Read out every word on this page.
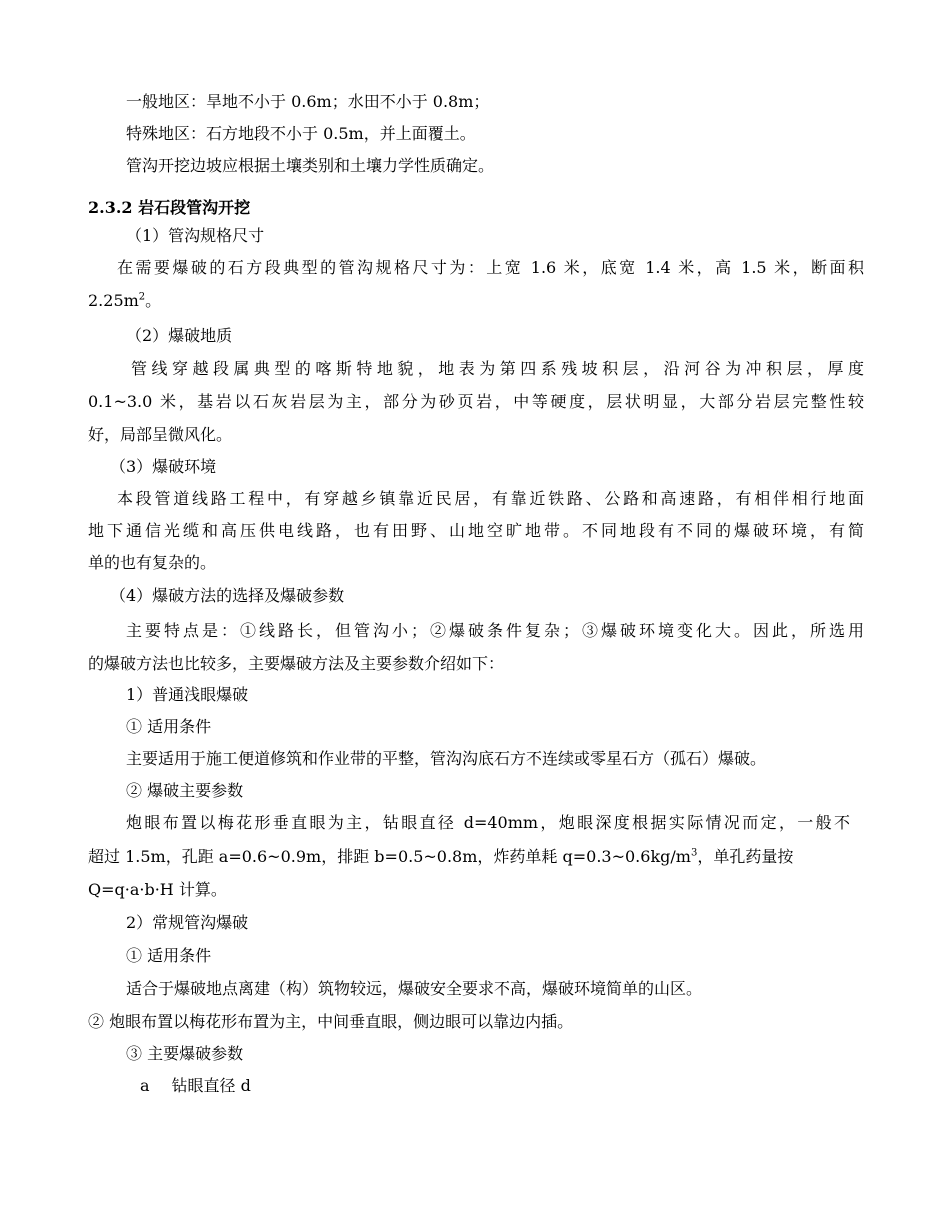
一般地区：旱地不小于 0.6m；水田不小于 0.8m；
特殊地区：石方地段不小于 0.5m，并上面覆土。
管沟开挖边坡应根据土壤类别和土壤力学性质确定。
2.3.2 岩石段管沟开挖
（1）管沟规格尺寸
在需要爆破的石方段典型的管沟规格尺寸为：上宽 1.6 米，底宽 1.4 米，高 1.5 米，断面积
$2.25m^2$。
（2）爆破地质
管线穿越段属典型的喀斯特地貌，地表为第四系残坡积层，沿河谷为冲积层，厚度
0.1~3.0 米，基岩以石灰岩层为主，部分为砂页岩，中等硬度，层状明显，大部分岩层完整性较
好，局部呈微风化。
（3）爆破环境
本段管道线路工程中，有穿越乡镇靠近民居，有靠近铁路、公路和高速路，有相伴相行地面
地下通信光缆和高压供电线路，也有田野、山地空旷地带。不同地段有不同的爆破环境，有简
单的也有复杂的。
（4）爆破方法的选择及爆破参数
主要特点是：①线路长，但管沟小；②爆破条件复杂；③爆破环境变化大。因此，所选用
的爆破方法也比较多，主要爆破方法及主要参数介绍如下：
1）普通浅眼爆破
① 适用条件
主要适用于施工便道修筑和作业带的平整，管沟沟底石方不连续或零星石方（孤石）爆破。
② 爆破主要参数
炮眼布置以梅花形垂直眼为主，钻眼直径 d=40mm，炮眼深度根据实际情况而定，一般不
超过 1.5m，孔距 a=0.6~0.9m，排距 b=0.5~0.8m，炸药单耗 $q=0.3\sim 0.6kg/m^3$，单孔药量按
Q=q·a·b·H 计算。
2）常规管沟爆破
① 适用条件
适合于爆破地点离建（构）筑物较远，爆破安全要求不高，爆破环境简单的山区。
② 炮眼布置以梅花形布置为主，中间垂直眼，侧边眼可以靠边内插。
③ 主要爆破参数
a 钻眼直径 d
